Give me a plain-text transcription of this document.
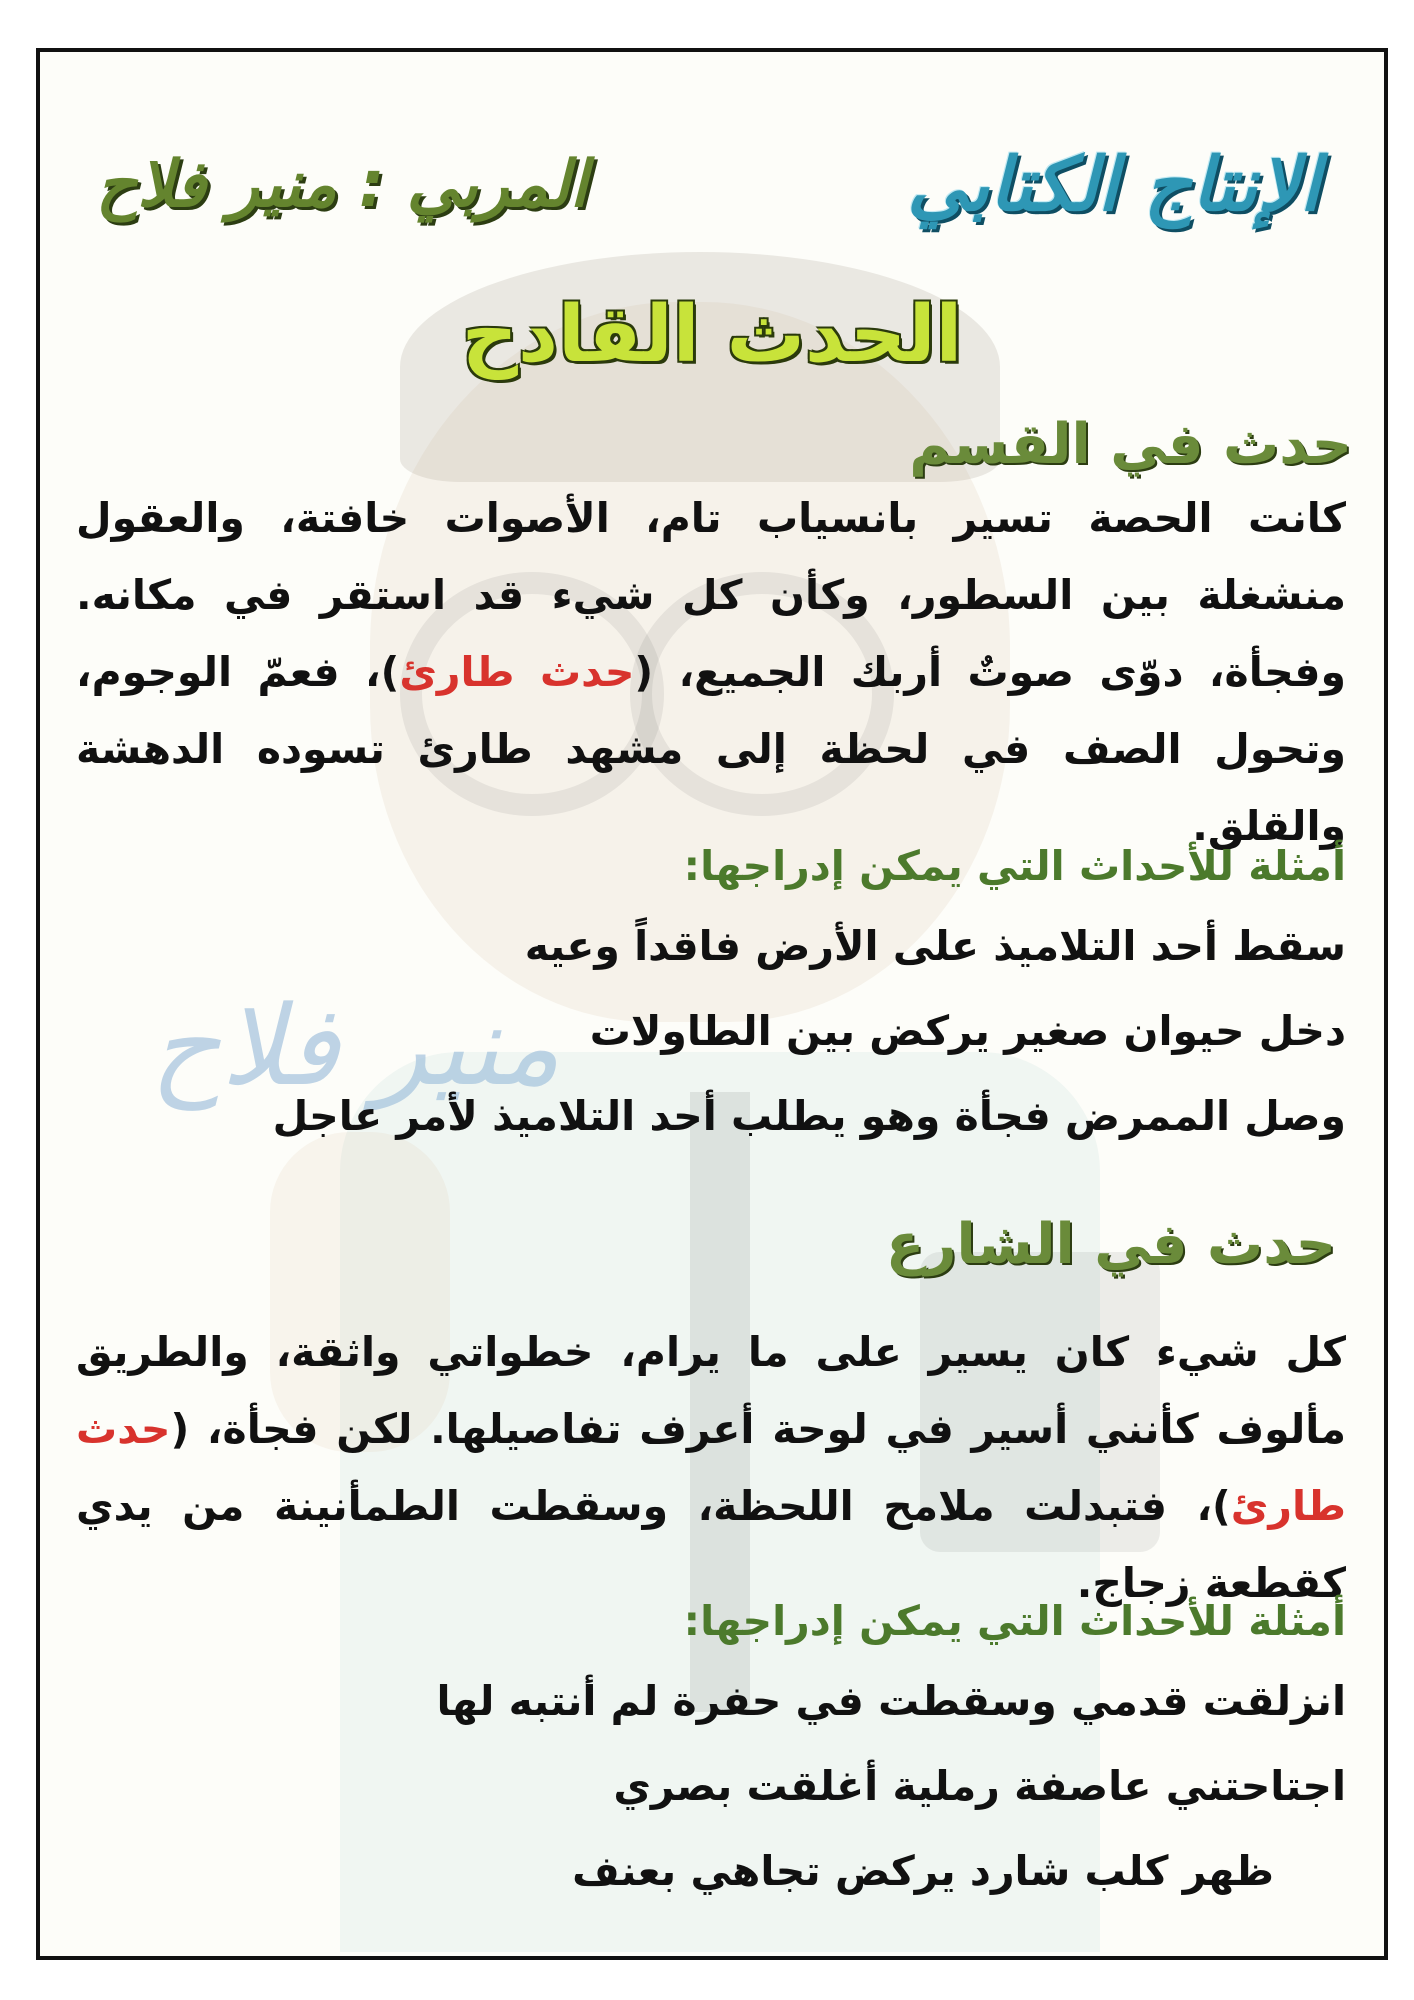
منير فلاح
الإنتاج الكتابي
المربي : منير فلاح
الحدث القادح
حدث في القسم

كانت الحصة تسير بانسياب تام، الأصوات خافتة، والعقول منشغلة بين السطور، وكأن كل شيء قد استقر في مكانه. وفجأة، دوّى صوتٌ أربك الجميع، (حدث طارئ)، فعمّ الوجوم، وتحول الصف في لحظة إلى مشهد طارئ تسوده الدهشة والقلق.

أمثلة للأحداث التي يمكن إدراجها:
سقط أحد التلاميذ على الأرض فاقداً وعيه
دخل حيوان صغير يركض بين الطاولات
وصل الممرض فجأة وهو يطلب أحد التلاميذ لأمر عاجل
حدث في الشارع

كل شيء كان يسير على ما يرام، خطواتي واثقة، والطريق مألوف كأنني أسير في لوحة أعرف تفاصيلها. لكن فجأة، (حدث طارئ)، فتبدلت ملامح اللحظة، وسقطت الطمأنينة من يدي كقطعة زجاج.

أمثلة للأحداث التي يمكن إدراجها:
انزلقت قدمي وسقطت في حفرة لم أنتبه لها
اجتاحتني عاصفة رملية أغلقت بصري
ظهر كلب شارد يركض تجاهي بعنف
